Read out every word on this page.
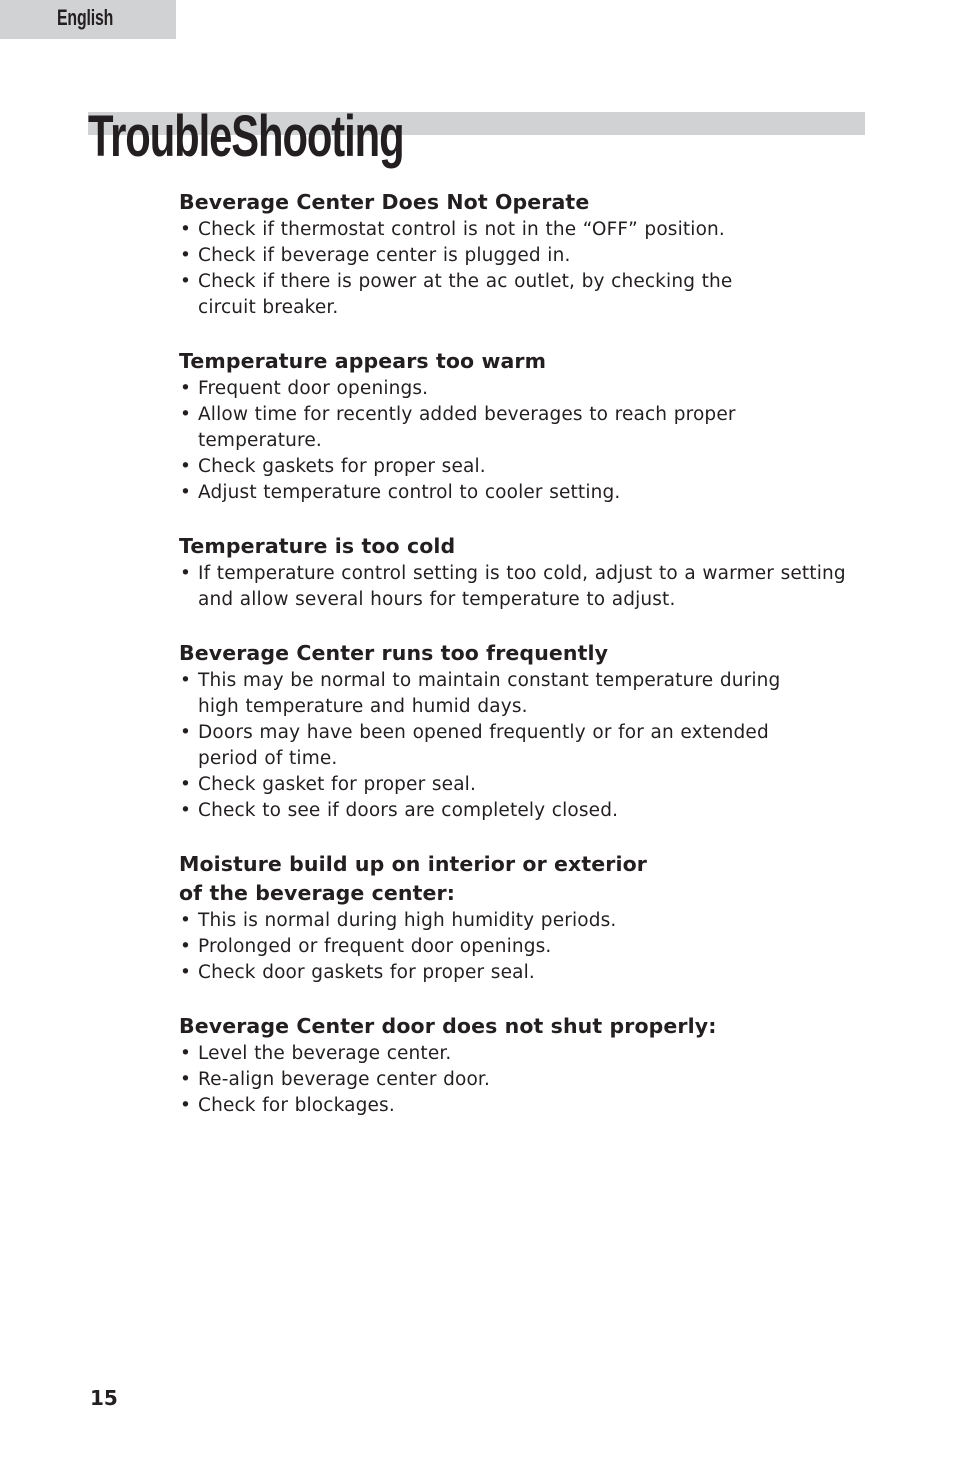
English
TroubleShooting
Beverage Center Does Not Operate
• Check if thermostat control is not in the “OFF” position.
• Check if beverage center is plugged in.
• Check if there is power at the ac outlet, by checking the
circuit breaker.
Temperature appears too warm
• Frequent door openings.
• Allow time for recently added beverages to reach proper
temperature.
• Check gaskets for proper seal.
• Adjust temperature control to cooler setting.
Temperature is too cold
• If temperature control setting is too cold, adjust to a warmer setting
and allow several hours for temperature to adjust.
Beverage Center runs too frequently
• This may be normal to maintain constant temperature during
high temperature and humid days.
• Doors may have been opened frequently or for an extended
period of time.
• Check gasket for proper seal.
• Check to see if doors are completely closed.
Moisture build up on interior or exterior
of the beverage center:
• This is normal during high humidity periods.
• Prolonged or frequent door openings.
• Check door gaskets for proper seal.
Beverage Center door does not shut properly:
• Level the beverage center.
• Re-align beverage center door.
• Check for blockages.
15
